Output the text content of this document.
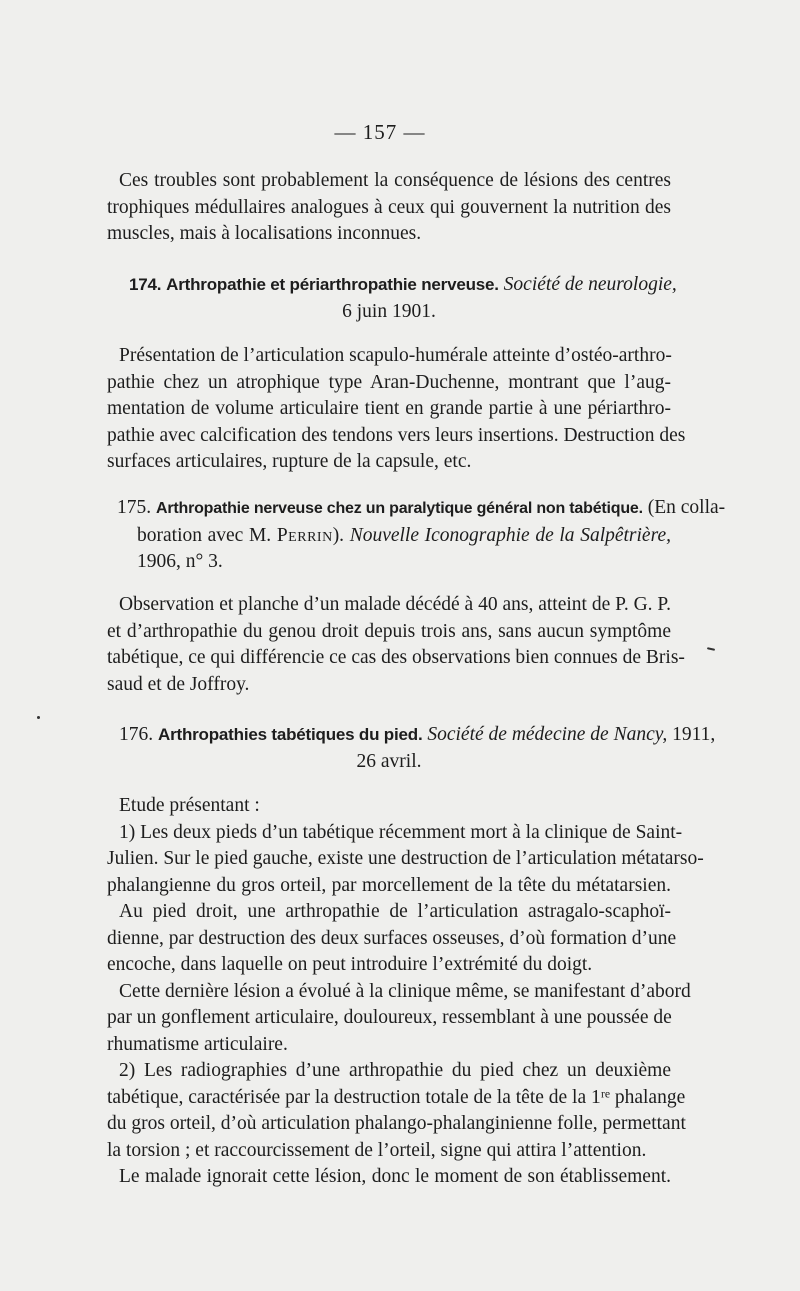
— 157 —
Ces troubles sont probablement la conséquence de lésions des centres
trophiques médullaires analogues à ceux qui gouvernent la nutrition des
muscles, mais à localisations inconnues.
174. Arthropathie et périarthropathie nerveuse. Société de neurologie,
6 juin 1901.
Présentation de l’articulation scapulo-humérale atteinte d’ostéo-arthro-
pathie chez un atrophique type Aran-Duchenne, montrant que l’aug-
mentation de volume articulaire tient en grande partie à une périarthro-
pathie avec calcification des tendons vers leurs insertions. Destruction des
surfaces articulaires, rupture de la capsule, etc.
175. Arthropathie nerveuse chez un paralytique général non tabétique. (En colla-
boration avec M. Perrin). Nouvelle Iconographie de la Salpêtrière,
1906, n° 3.
Observation et planche d’un malade décédé à 40 ans, atteint de P. G. P.
et d’arthropathie du genou droit depuis trois ans, sans aucun symptôme
tabétique, ce qui différencie ce cas des observations bien connues de Bris-
saud et de Joffroy.
176. Arthropathies tabétiques du pied. Société de médecine de Nancy, 1911,
26 avril.
Etude présentant :
1) Les deux pieds d’un tabétique récemment mort à la clinique de Saint-
Julien. Sur le pied gauche, existe une destruction de l’articulation métatarso-
phalangienne du gros orteil, par morcellement de la tête du métatarsien.
Au pied droit, une arthropathie de l’articulation astragalo-scaphoï-
dienne, par destruction des deux surfaces osseuses, d’où formation d’une
encoche, dans laquelle on peut introduire l’extrémité du doigt.
Cette dernière lésion a évolué à la clinique même, se manifestant d’abord
par un gonflement articulaire, douloureux, ressemblant à une poussée de
rhumatisme articulaire.
2) Les radiographies d’une arthropathie du pied chez un deuxième
tabétique, caractérisée par la destruction totale de la tête de la 1ʳᵉ phalange
du gros orteil, d’où articulation phalango-phalanginienne folle, permettant
la torsion ; et raccourcissement de l’orteil, signe qui attira l’attention.
Le malade ignorait cette lésion, donc le moment de son établissement.
